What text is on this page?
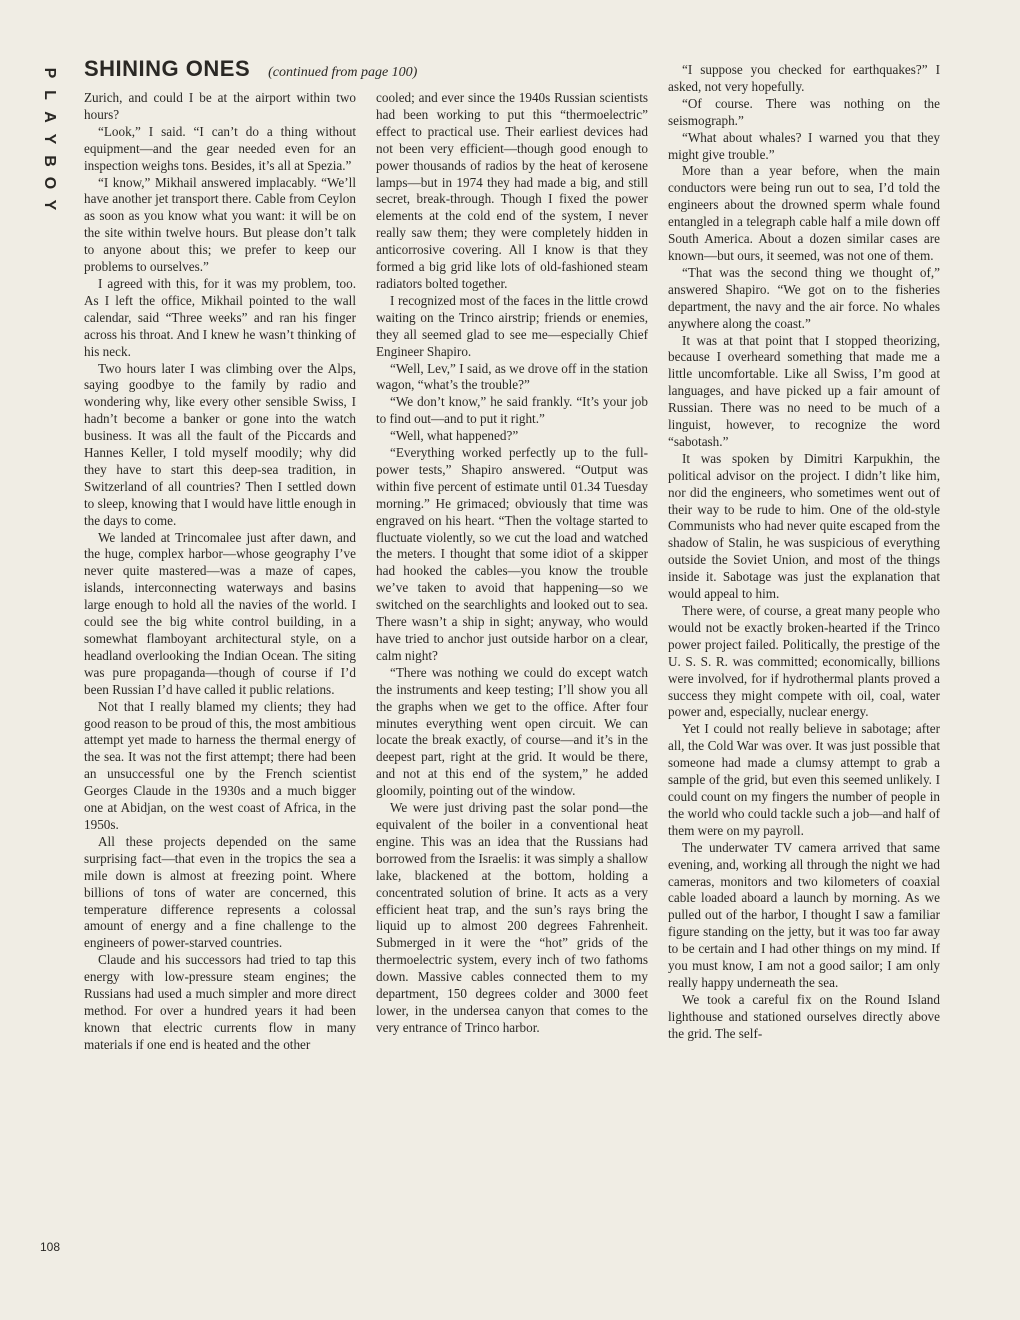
P
L
A
Y
B
O
Y
SHINING ONES (continued from page 100)

Zurich, and could I be at the airport within two hours?

“Look,” I said. “I can’t do a thing without equipment—and the gear needed even for an inspection weighs tons. Besides, it’s all at Spezia.”

“I know,” Mikhail answered implacably. “We’ll have another jet transport there. Cable from Ceylon as soon as you know what you want: it will be on the site within twelve hours. But please don’t talk to anyone about this; we prefer to keep our problems to ourselves.”

I agreed with this, for it was my problem, too. As I left the office, Mikhail pointed to the wall calendar, said “Three weeks” and ran his finger across his throat. And I knew he wasn’t thinking of his neck.

Two hours later I was climbing over the Alps, saying goodbye to the family by radio and wondering why, like every other sensible Swiss, I hadn’t become a banker or gone into the watch business. It was all the fault of the Piccards and Hannes Keller, I told myself moodily; why did they have to start this deep-sea tradition, in Switzerland of all countries? Then I settled down to sleep, knowing that I would have little enough in the days to come.

We landed at Trincomalee just after dawn, and the huge, complex harbor—whose geography I’ve never quite mastered—was a maze of capes, islands, interconnecting waterways and basins large enough to hold all the navies of the world. I could see the big white control building, in a somewhat flamboyant architectural style, on a headland overlooking the Indian Ocean. The siting was pure propaganda—though of course if I’d been Russian I’d have called it public relations.

Not that I really blamed my clients; they had good reason to be proud of this, the most ambitious attempt yet made to harness the thermal energy of the sea. It was not the first attempt; there had been an unsuccessful one by the French scientist Georges Claude in the 1930s and a much bigger one at Abidjan, on the west coast of Africa, in the 1950s.

All these projects depended on the same surprising fact—that even in the tropics the sea a mile down is almost at freezing point. Where billions of tons of water are concerned, this temperature difference represents a colossal amount of energy and a fine challenge to the engineers of power-starved countries.

Claude and his successors had tried to tap this energy with low-pressure steam engines; the Russians had used a much simpler and more direct method. For over a hundred years it had been known that electric currents flow in many materials if one end is heated and the other

cooled; and ever since the 1940s Russian scientists had been working to put this “thermoelectric” effect to practical use. Their earliest devices had not been very efficient—though good enough to power thousands of radios by the heat of kerosene lamps—but in 1974 they had made a big, and still secret, break-through. Though I fixed the power elements at the cold end of the system, I never really saw them; they were completely hidden in anticorrosive covering. All I know is that they formed a big grid like lots of old-fashioned steam radiators bolted together.

I recognized most of the faces in the little crowd waiting on the Trinco airstrip; friends or enemies, they all seemed glad to see me—especially Chief Engineer Shapiro.

“Well, Lev,” I said, as we drove off in the station wagon, “what’s the trouble?”

“We don’t know,” he said frankly. “It’s your job to find out—and to put it right.”

“Well, what happened?”

“Everything worked perfectly up to the full-power tests,” Shapiro answered. “Output was within five percent of estimate until 01.34 Tuesday morning.” He grimaced; obviously that time was engraved on his heart. “Then the voltage started to fluctuate violently, so we cut the load and watched the meters. I thought that some idiot of a skipper had hooked the cables—you know the trouble we’ve taken to avoid that happening—so we switched on the searchlights and looked out to sea. There wasn’t a ship in sight; anyway, who would have tried to anchor just outside harbor on a clear, calm night?

“There was nothing we could do except watch the instruments and keep testing; I’ll show you all the graphs when we get to the office. After four minutes everything went open circuit. We can locate the break exactly, of course—and it’s in the deepest part, right at the grid. It would be there, and not at this end of the system,” he added gloomily, pointing out of the window.

We were just driving past the solar pond—the equivalent of the boiler in a conventional heat engine. This was an idea that the Russians had borrowed from the Israelis: it was simply a shallow lake, blackened at the bottom, holding a concentrated solution of brine. It acts as a very efficient heat trap, and the sun’s rays bring the liquid up to almost 200 degrees Fahrenheit. Submerged in it were the “hot” grids of the thermoelectric system, every inch of two fathoms down. Massive cables connected them to my department, 150 degrees colder and 3000 feet lower, in the undersea canyon that comes to the very entrance of Trinco harbor.

“I suppose you checked for earthquakes?” I asked, not very hopefully.

“Of course. There was nothing on the seismograph.”

“What about whales? I warned you that they might give trouble.”

More than a year before, when the main conductors were being run out to sea, I’d told the engineers about the drowned sperm whale found entangled in a telegraph cable half a mile down off South America. About a dozen similar cases are known—but ours, it seemed, was not one of them.

“That was the second thing we thought of,” answered Shapiro. “We got on to the fisheries department, the navy and the air force. No whales anywhere along the coast.”

It was at that point that I stopped theorizing, because I overheard something that made me a little uncomfortable. Like all Swiss, I’m good at languages, and have picked up a fair amount of Russian. There was no need to be much of a linguist, however, to recognize the word “sabotash.”

It was spoken by Dimitri Karpukhin, the political advisor on the project. I didn’t like him, nor did the engineers, who sometimes went out of their way to be rude to him. One of the old-style Communists who had never quite escaped from the shadow of Stalin, he was suspicious of everything outside the Soviet Union, and most of the things inside it. Sabotage was just the explanation that would appeal to him.

There were, of course, a great many people who would not be exactly broken-hearted if the Trinco power project failed. Politically, the prestige of the U. S. S. R. was committed; economically, billions were involved, for if hydrothermal plants proved a success they might compete with oil, coal, water power and, especially, nuclear energy.

Yet I could not really believe in sabotage; after all, the Cold War was over. It was just possible that someone had made a clumsy attempt to grab a sample of the grid, but even this seemed unlikely. I could count on my fingers the number of people in the world who could tackle such a job—and half of them were on my payroll.

The underwater TV camera arrived that same evening, and, working all through the night we had cameras, monitors and two kilometers of coaxial cable loaded aboard a launch by morning. As we pulled out of the harbor, I thought I saw a familiar figure standing on the jetty, but it was too far away to be certain and I had other things on my mind. If you must know, I am not a good sailor; I am only really happy underneath the sea.

We took a careful fix on the Round Island lighthouse and stationed ourselves directly above the grid. The self-

108
